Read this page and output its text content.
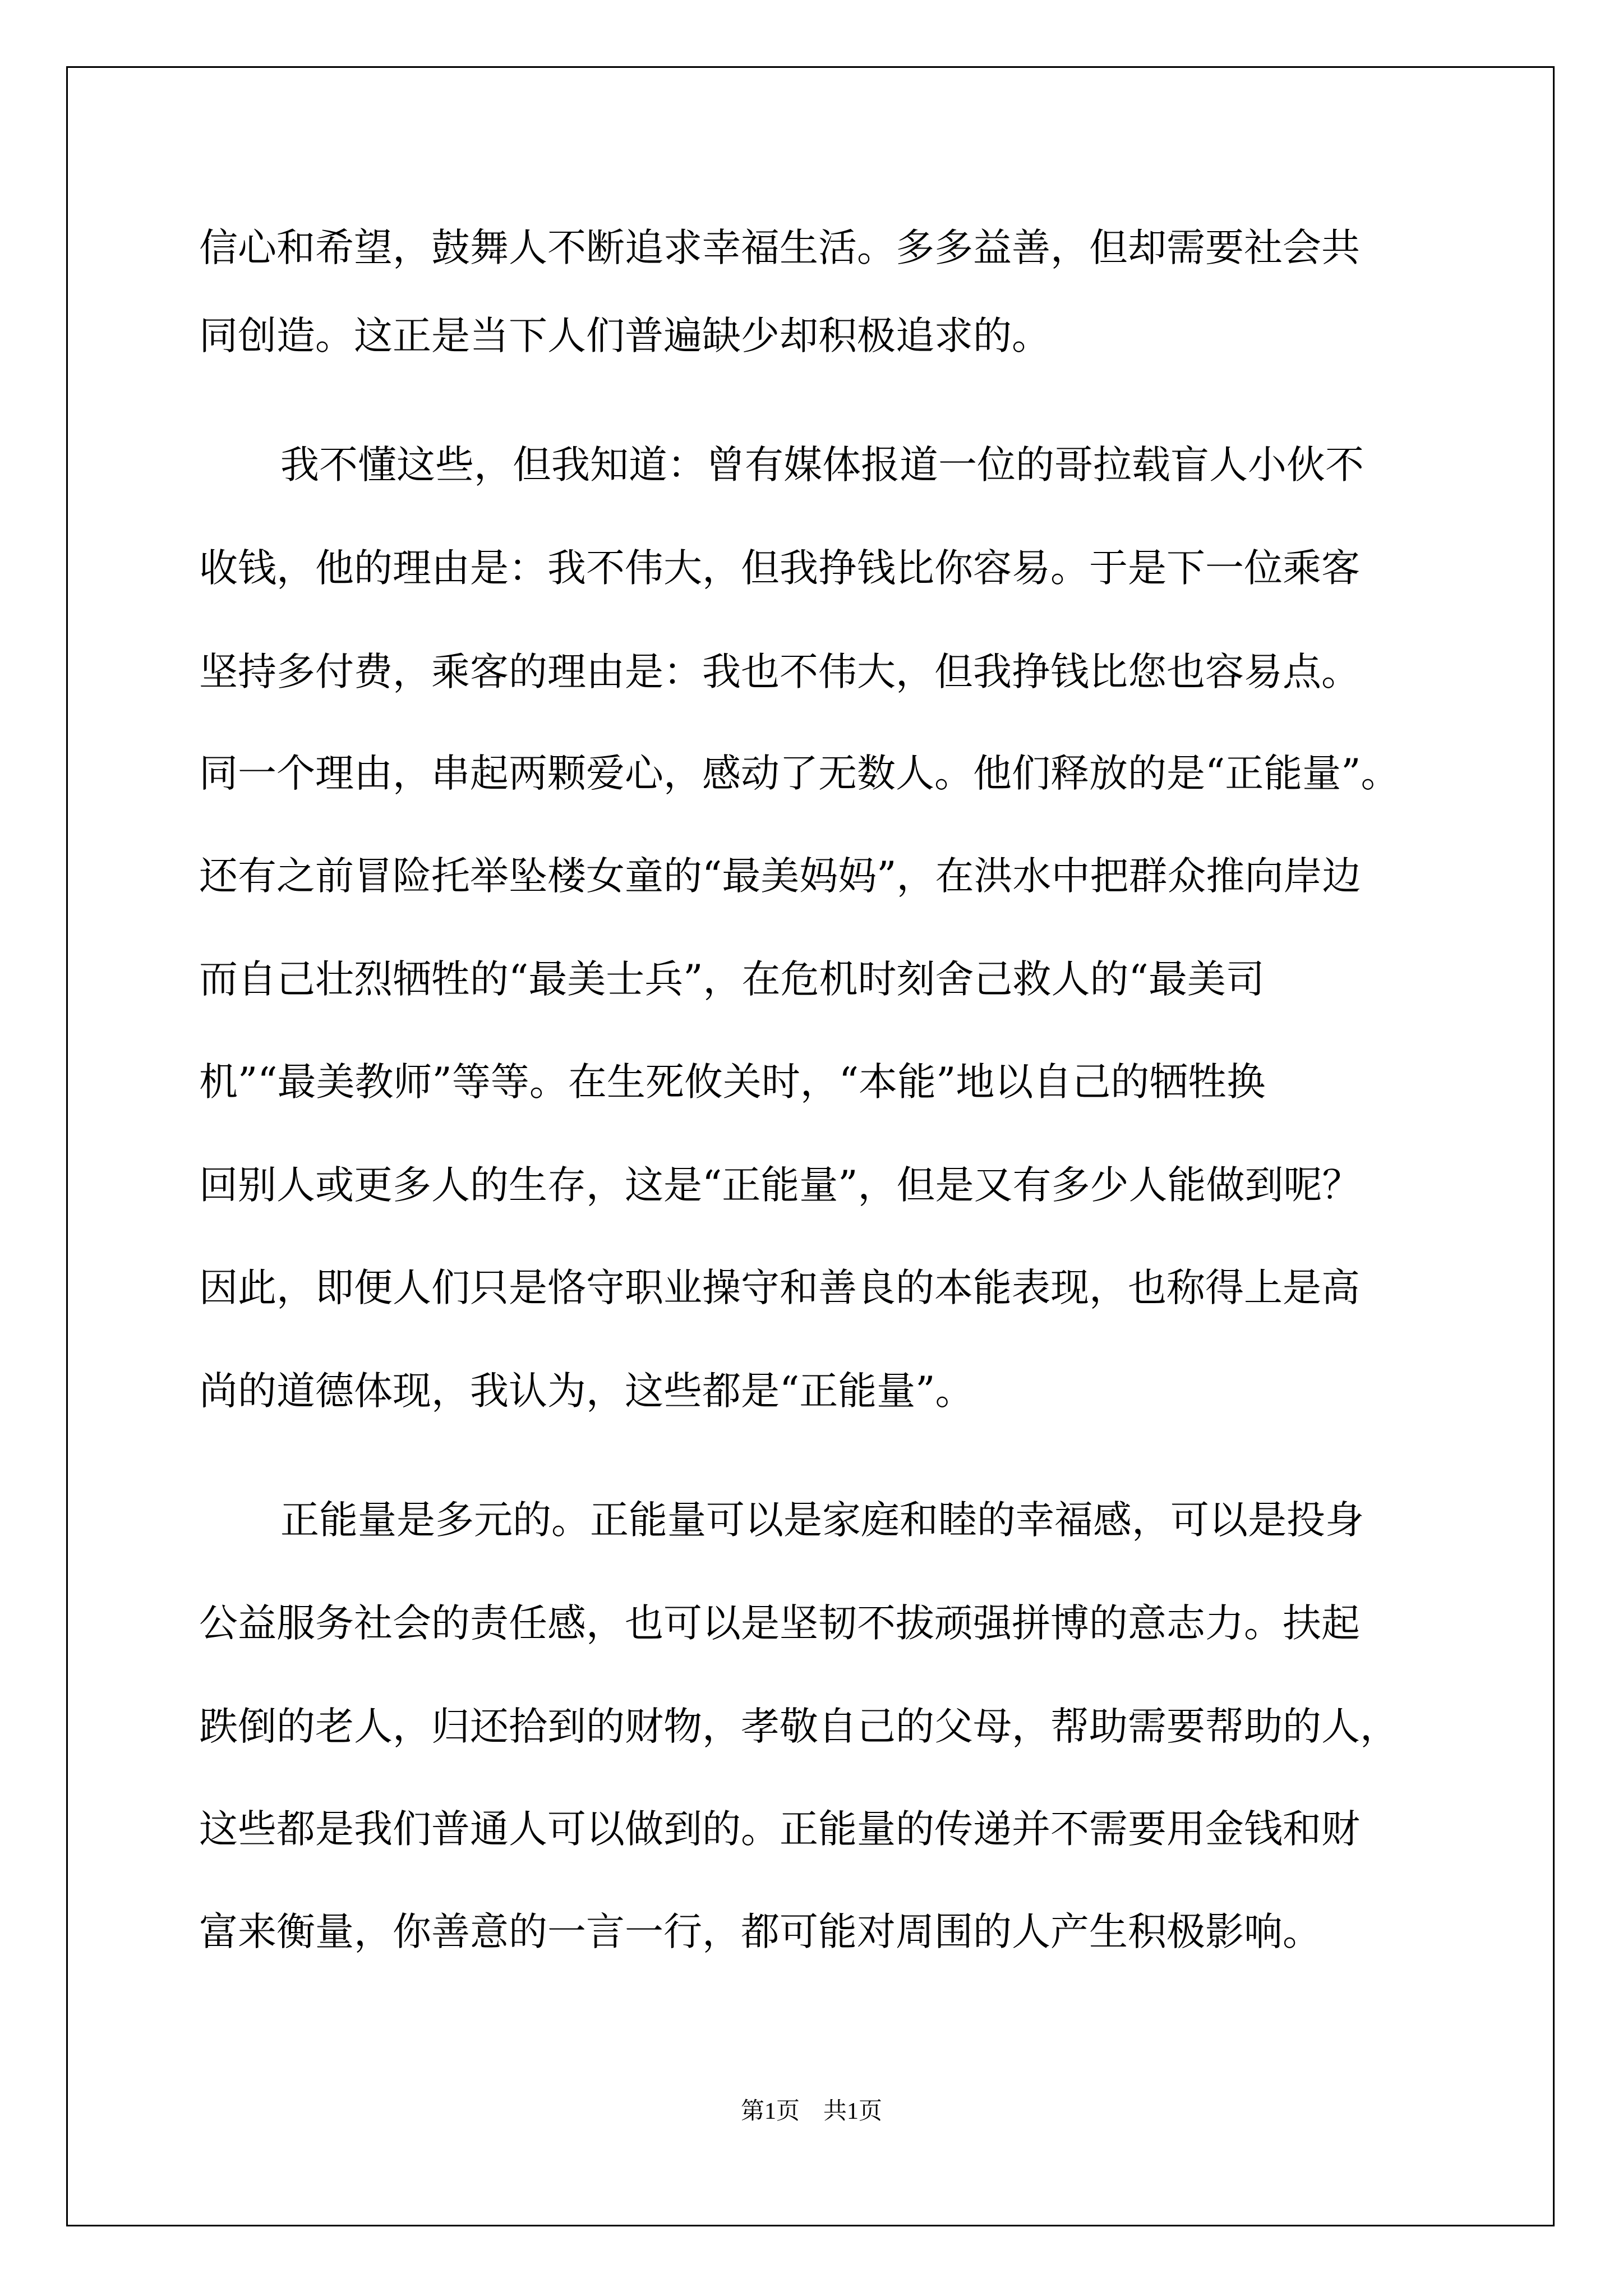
信心和希望，鼓舞人不断追求幸福生活。多多益善，但却需要社会共
同创造。这正是当下人们普遍缺少却积极追求的。
我不懂这些，但我知道：曾有媒体报道一位的哥拉载盲人小伙不
收钱，他的理由是：我不伟大，但我挣钱比你容易。于是下一位乘客
坚持多付费，乘客的理由是：我也不伟大，但我挣钱比您也容易点。
同一个理由，串起两颗爱心，感动了无数人。他们释放的是“正能量”。
还有之前冒险托举坠楼女童的“最美妈妈”，在洪水中把群众推向岸边
而自己壮烈牺牲的“最美士兵”，在危机时刻舍己救人的“最美司
机”“最美教师”等等。在生死攸关时，“本能”地以自己的牺牲换
回别人或更多人的生存，这是“正能量”，但是又有多少人能做到呢？
因此，即便人们只是恪守职业操守和善良的本能表现，也称得上是高
尚的道德体现，我认为，这些都是“正能量”。
正能量是多元的。正能量可以是家庭和睦的幸福感，可以是投身
公益服务社会的责任感，也可以是坚韧不拔顽强拼博的意志力。扶起
跌倒的老人，归还拾到的财物，孝敬自己的父母，帮助需要帮助的人，
这些都是我们普通人可以做到的。正能量的传递并不需要用金钱和财
富来衡量，你善意的一言一行，都可能对周围的人产生积极影响。
第1页　共1页
